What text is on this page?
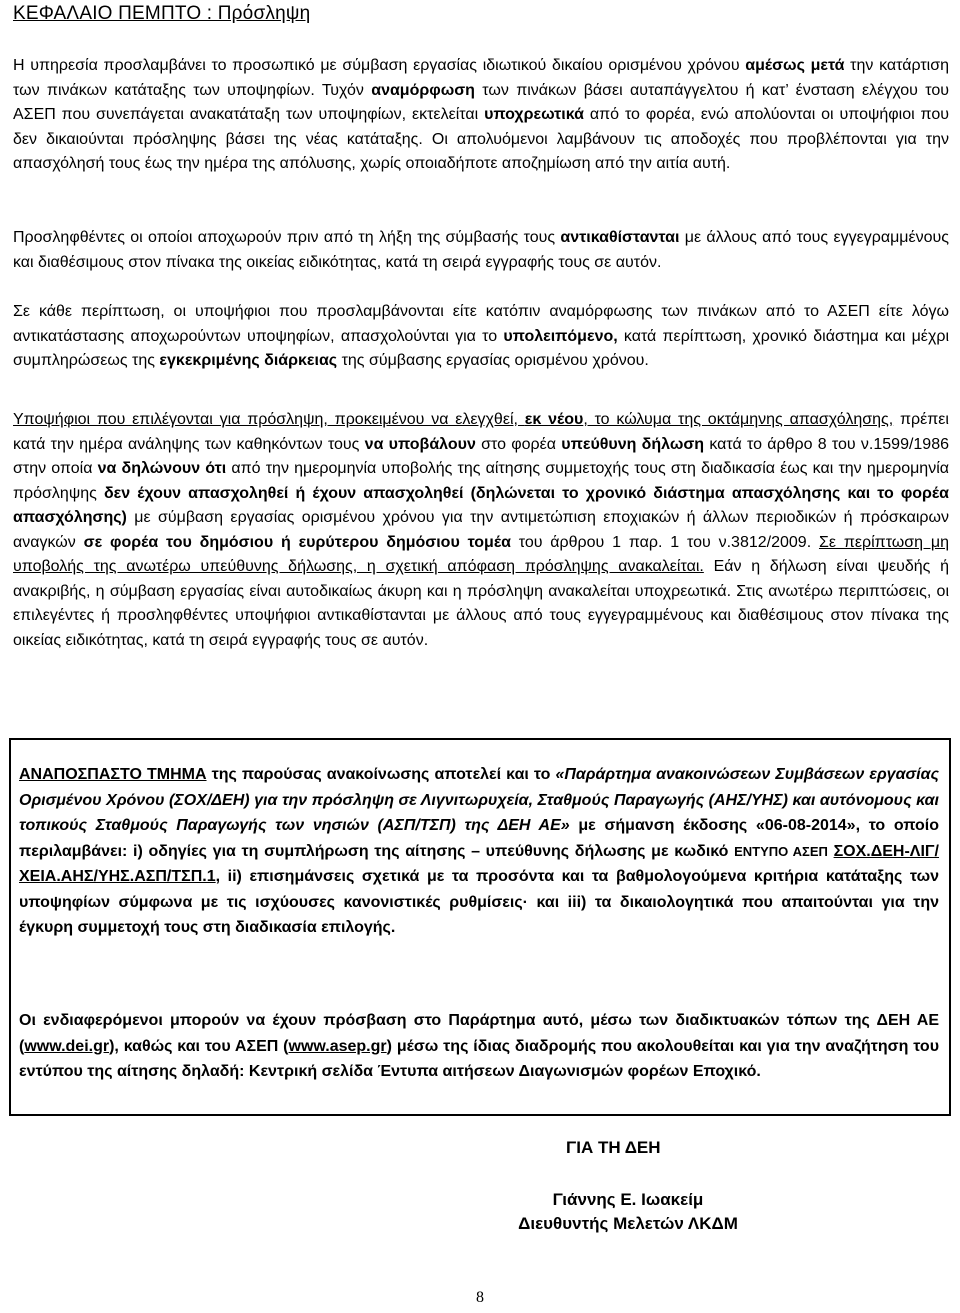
ΚΕΦΑΛΑΙΟ ΠΕΜΠΤΟ : Πρόσληψη
Η υπηρεσία προσλαμβάνει το προσωπικό με σύμβαση εργασίας ιδιωτικού δικαίου ορισμένου χρόνου αμέσως μετά την κατάρτιση των πινάκων κατάταξης των υποψηφίων. Τυχόν αναμόρφωση των πινάκων βάσει αυταπάγγελτου ή κατ’ ένσταση ελέγχου του ΑΣΕΠ που συνεπάγεται ανακατάταξη των υποψηφίων, εκτελείται υποχρεωτικά από το φορέα, ενώ απολύονται οι υποψήφιοι που δεν δικαιούνται πρόσληψης βάσει της νέας κατάταξης. Οι απολυόμενοι λαμβάνουν τις αποδοχές που προβλέπονται για την απασχόλησή τους έως την ημέρα της απόλυσης, χωρίς οποιαδήποτε αποζημίωση από την αιτία αυτή.
Προσληφθέντες οι οποίοι αποχωρούν πριν από τη λήξη της σύμβασής τους αντικαθίστανται με άλλους από τους εγγεγραμμένους και διαθέσιμους στον πίνακα της οικείας ειδικότητας, κατά τη σειρά εγγραφής τους σε αυτόν.
Σε κάθε περίπτωση, οι υποψήφιοι που προσλαμβάνονται είτε κατόπιν αναμόρφωσης των πινάκων από το ΑΣΕΠ είτε λόγω αντικατάστασης αποχωρούντων υποψηφίων, απασχολούνται για το υπολειπόμενο, κατά περίπτωση, χρονικό διάστημα και μέχρι συμπληρώσεως της εγκεκριμένης διάρκειας της σύμβασης εργασίας ορισμένου χρόνου.
Υποψήφιοι που επιλέγονται για πρόσληψη, προκειμένου να ελεγχθεί, εκ νέου, το κώλυμα της οκτάμηνης απασχόλησης, πρέπει κατά την ημέρα ανάληψης των καθηκόντων τους να υποβάλουν στο φορέα υπεύθυνη δήλωση κατά το άρθρο 8 του ν.1599/1986 στην οποία να δηλώνουν ότι από την ημερομηνία υποβολής της αίτησης συμμετοχής τους στη διαδικασία έως και την ημερομηνία πρόσληψης δεν έχουν απασχοληθεί ή έχουν απασχοληθεί (δηλώνεται το χρονικό διάστημα απασχόλησης και το φορέα απασχόλησης) με σύμβαση εργασίας ορισμένου χρόνου για την αντιμετώπιση εποχιακών ή άλλων περιοδικών ή πρόσκαιρων αναγκών σε φορέα του δημόσιου ή ευρύτερου δημόσιου τομέα του άρθρου 1 παρ. 1 του ν.3812/2009. Σε περίπτωση μη υποβολής της ανωτέρω υπεύθυνης δήλωσης, η σχετική απόφαση πρόσληψης ανακαλείται. Εάν η δήλωση είναι ψευδής ή ανακριβής, η σύμβαση εργασίας είναι αυτοδικαίως άκυρη και η πρόσληψη ανακαλείται υποχρεωτικά. Στις ανωτέρω περιπτώσεις, οι επιλεγέντες ή προσληφθέντες υποψήφιοι αντικαθίστανται με άλλους από τους εγγεγραμμένους και διαθέσιμους στον πίνακα της οικείας ειδικότητας, κατά τη σειρά εγγραφής τους σε αυτόν.
ΑΝΑΠΟΣΠΑΣΤΟ ΤΜΗΜΑ της παρούσας ανακοίνωσης αποτελεί και το «Παράρτημα ανακοινώσεων Συμβάσεων εργασίας Ορισμένου Χρόνου (ΣΟΧ/ΔΕΗ) για την πρόσληψη σε Λιγνιτωρυχεία, Σταθμούς Παραγωγής (ΑΗΣ/ΥΗΣ) και αυτόνομους και τοπικούς Σταθμούς Παραγωγής των νησιών (ΑΣΠ/ΤΣΠ) της ΔΕΗ ΑΕ» με σήμανση έκδοσης «06-08-2014», το οποίο περιλαμβάνει: i) οδηγίες για τη συμπλήρωση της αίτησης – υπεύθυνης δήλωσης με κωδικό ΕΝΤΥΠΟ ΑΣΕΠ ΣΟΧ.ΔΕΗ-ΛΙΓ/ΧΕΙΑ.ΑΗΣ/ΥΗΣ.ΑΣΠ/ΤΣΠ.1, ii) επισημάνσεις σχετικά με τα προσόντα και τα βαθμολογούμενα κριτήρια κατάταξης των υποψηφίων σύμφωνα με τις ισχύουσες κανονιστικές ρυθμίσεις· και iii) τα δικαιολογητικά που απαιτούνται για την έγκυρη συμμετοχή τους στη διαδικασία επιλογής.
Οι ενδιαφερόμενοι μπορούν να έχουν πρόσβαση στο Παράρτημα αυτό, μέσω των διαδικτυακών τόπων της ΔΕΗ ΑΕ (www.dei.gr), καθώς και του ΑΣΕΠ (www.asep.gr) μέσω της ίδιας διαδρομής που ακολουθείται και για την αναζήτηση του εντύπου της αίτησης δηλαδή: Κεντρική σελίδα Έντυπα αιτήσεων Διαγωνισμών φορέων Εποχικό.
ΓΙΑ ΤΗ ΔΕΗ
Γιάννης Ε. Ιωακείμ
Διευθυντής Μελετών ΛΚΔΜ
8
